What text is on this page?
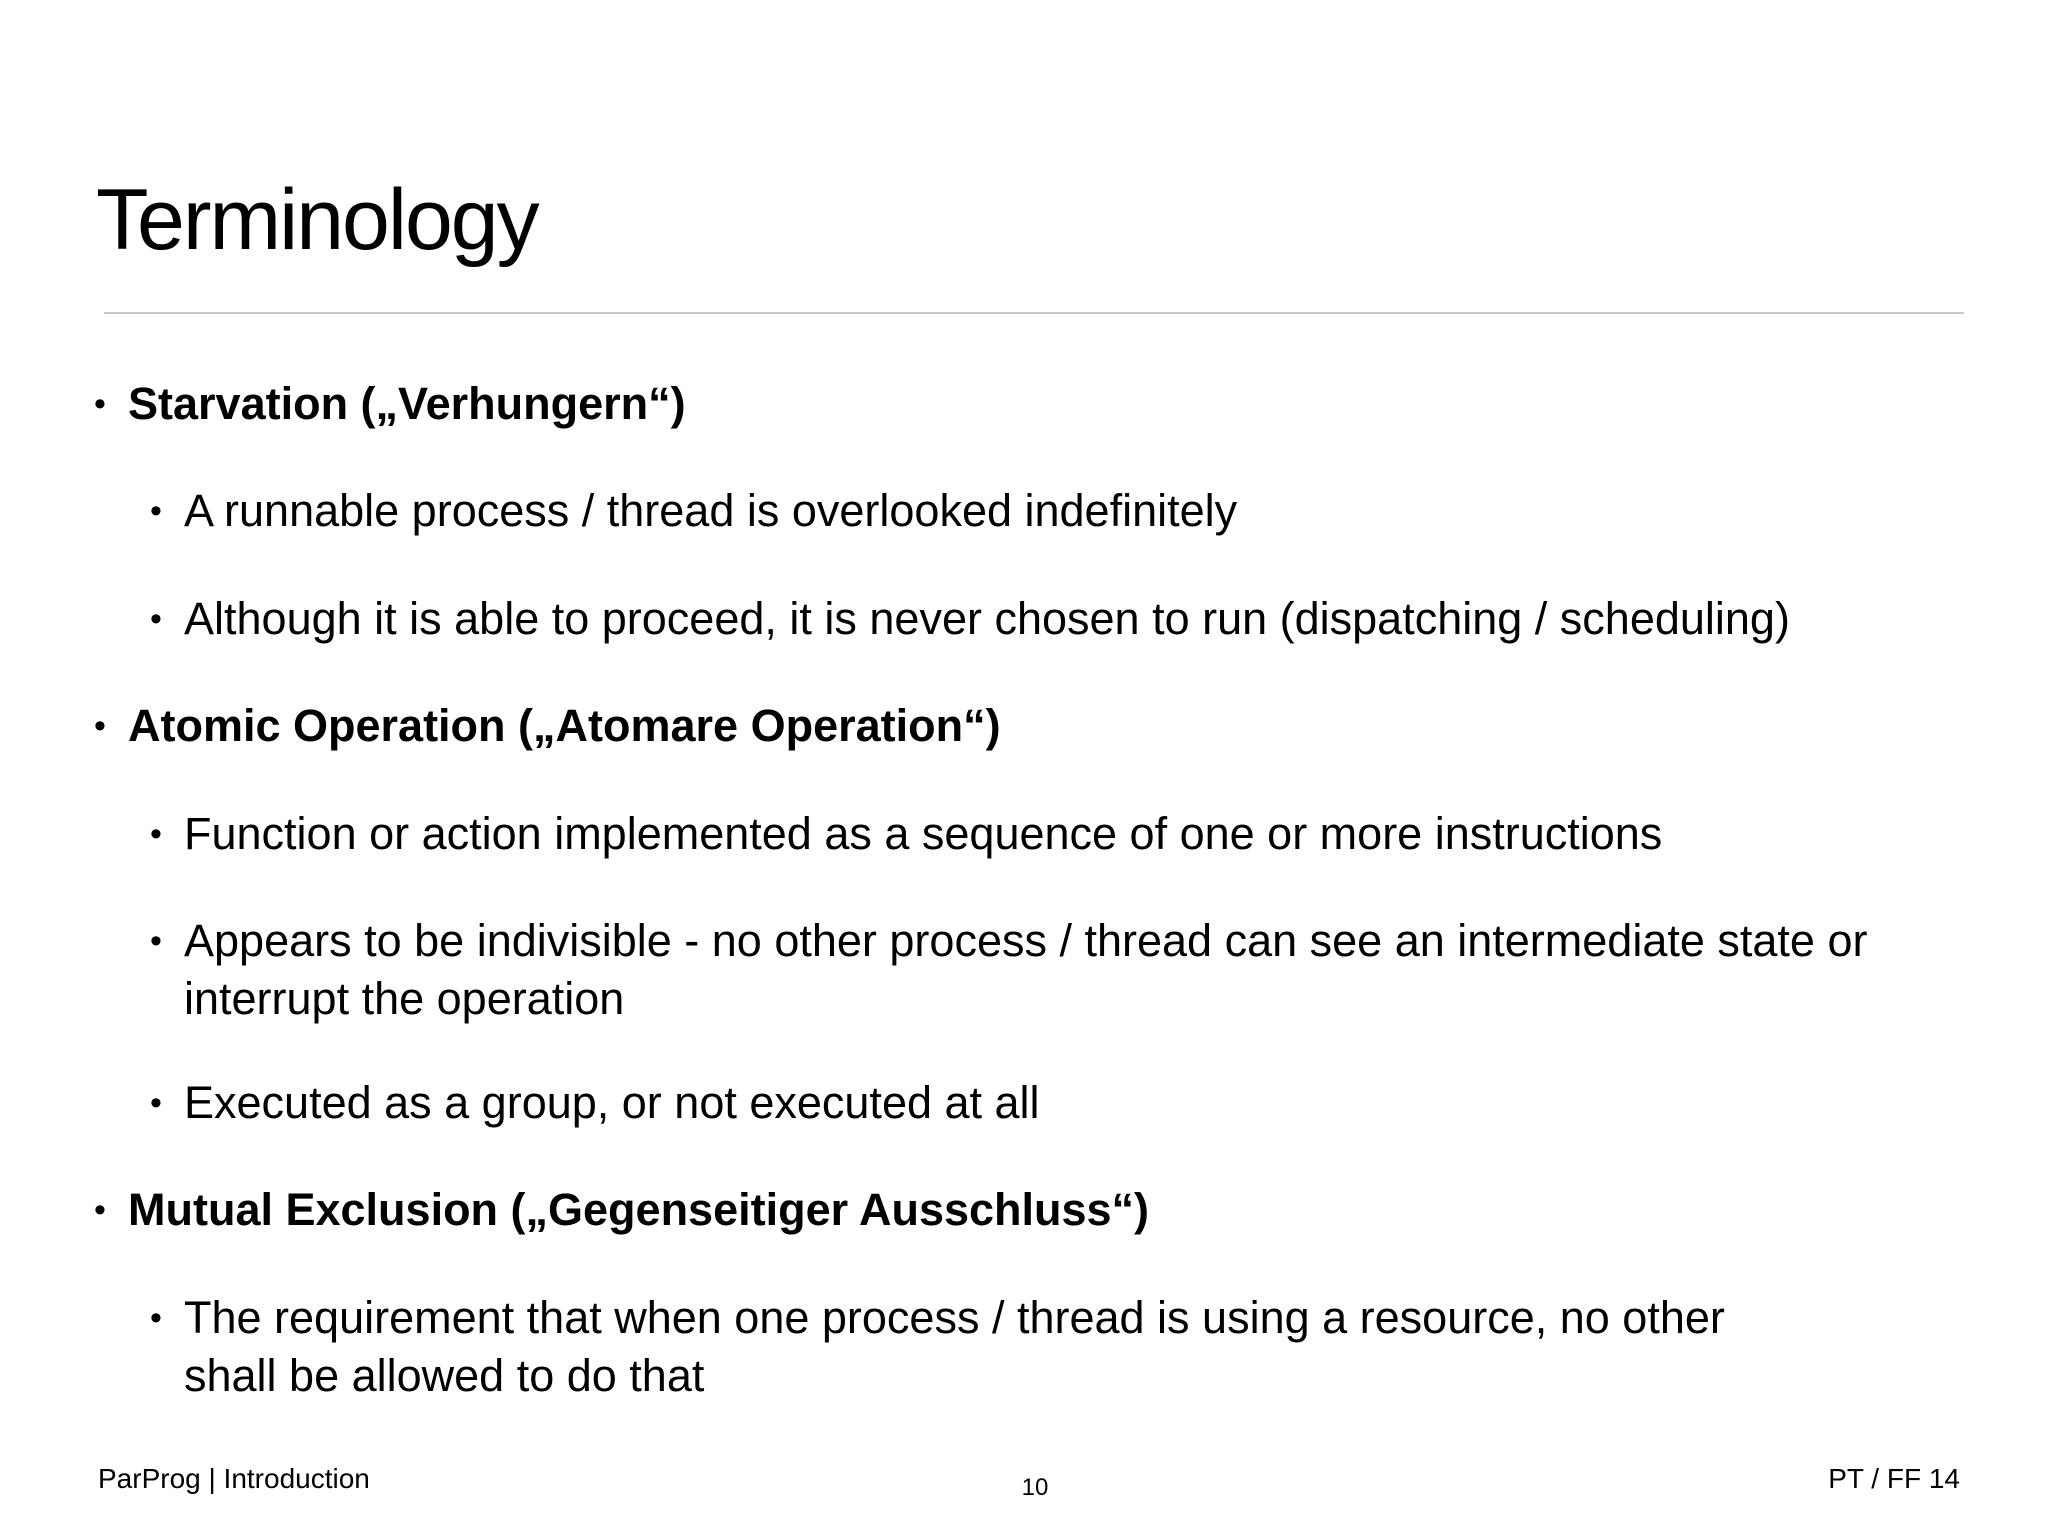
Terminology

• Starvation („Verhungern“)

• A runnable process / thread is overlooked indefinitely

• Although it is able to proceed, it is never chosen to run (dispatching / scheduling)

• Atomic Operation („Atomare Operation“)

• Function or action implemented as a sequence of one or more instructions

• Appears to be indivisible - no other process / thread can see an intermediate state or interrupt the operation

• Executed as a group, or not executed at all

• Mutual Exclusion („Gegenseitiger Ausschluss“)

• The requirement that when one process / thread is using a resource, no other shall be allowed to do that

ParProg | Introduction	10	PT / FF 14
